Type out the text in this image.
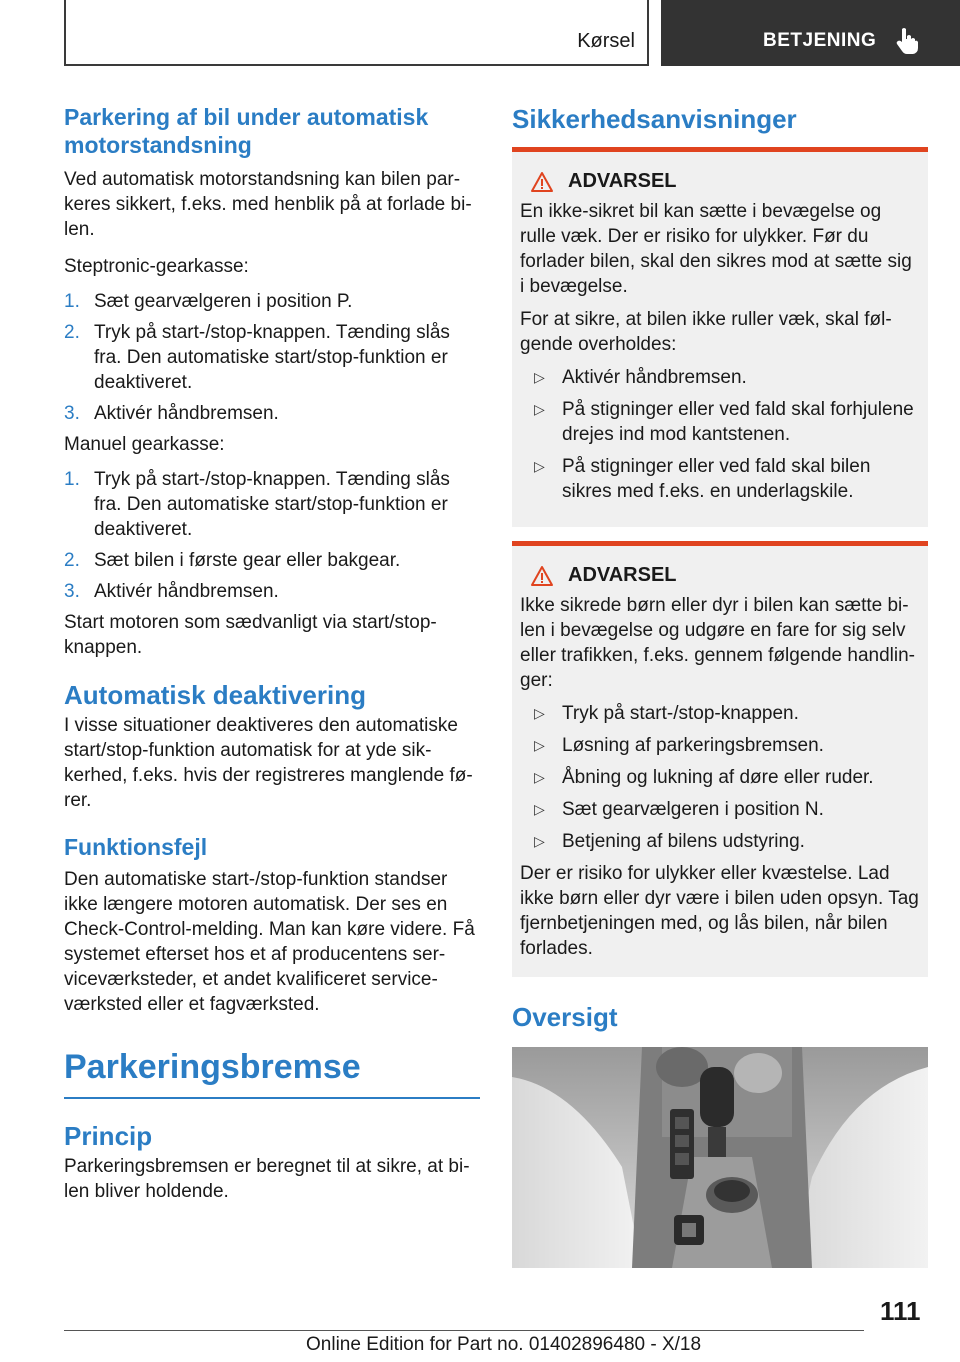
Kørsel	BETJENING
Parkering af bil under automatisk motorstandsning

Ved automatisk motorstandsning kan bilen parkeres sikkert, f.eks. med henblik på at forlade bilen.

Steptronic-gearkasse:

1. Sæt gearvælgeren i position P.
2. Tryk på start-/stop-knappen. Tænding slås fra. Den automatiske start/stop-funktion er deaktiveret.
3. Aktivér håndbremsen.

Manuel gearkasse:

1. Tryk på start-/stop-knappen. Tænding slås fra. Den automatiske start/stop-funktion er deaktiveret.
2. Sæt bilen i første gear eller bakgear.
3. Aktivér håndbremsen.

Start motoren som sædvanligt via start/stop-knappen.

Automatisk deaktivering

I visse situationer deaktiveres den automatiske start/stop-funktion automatisk for at yde sikkerhed, f.eks. hvis der registreres manglende fører.

Funktionsfejl

Den automatiske start-/stop-funktion standser ikke længere motoren automatisk. Der ses en Check-Control-melding. Man kan køre videre. Få systemet efterset hos et af producentens serviceværksteder, et andet kvalificeret serviceværksted eller et fagværksted.

Parkeringsbremse
Princip

Parkeringsbremsen er beregnet til at sikre, at bilen bliver holdende.

Sikkerhedsanvisninger
ADVARSEL

En ikke-sikret bil kan sætte i bevægelse og rulle væk. Der er risiko for ulykker. Før du forlader bilen, skal den sikres mod at sætte sig i bevægelse.

For at sikre, at bilen ikke ruller væk, skal følgende overholdes:

▷ Aktivér håndbremsen.
▷ På stigninger eller ved fald skal forhjulene drejes ind mod kantstenen.
▷ På stigninger eller ved fald skal bilen sikres med f.eks. en underlagskile.
ADVARSEL

Ikke sikrede børn eller dyr i bilen kan sætte bilen i bevægelse og udgøre en fare for sig selv eller trafikken, f.eks. gennem følgende handlinger:

▷ Tryk på start-/stop-knappen.
▷ Løsning af parkeringsbremsen.
▷ Åbning og lukning af døre eller ruder.
▷ Sæt gearvælgeren i position N.
▷ Betjening af bilens udstyring.

Der er risiko for ulykker eller kvæstelse. Lad ikke børn eller dyr være i bilen uden opsyn. Tag fjernbetjeningen med, og lås bilen, når bilen forlades.

Oversigt
111
Online Edition for Part no. 01402896480 - X/18
